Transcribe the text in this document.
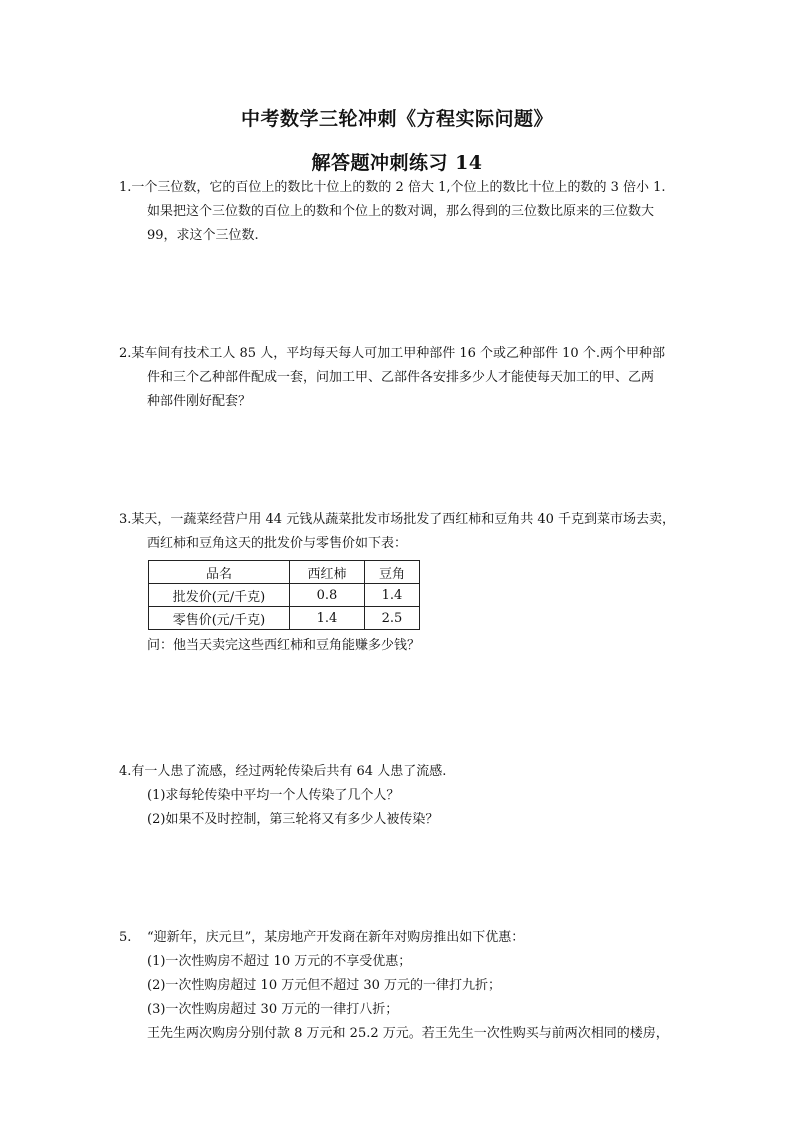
中考数学三轮冲刺《方程实际问题》
解答题冲刺练习 14

1.一个三位数，它的百位上的数比十位上的数的 2 倍大 1,个位上的数比十位上的数的 3 倍小 1.

如果把这个三位数的百位上的数和个位上的数对调，那么得到的三位数比原来的三位数大

99，求这个三位数.

2.某车间有技术工人 85 人，平均每天每人可加工甲种部件 16 个或乙种部件 10 个.两个甲种部

件和三个乙种部件配成一套，问加工甲、乙部件各安排多少人才能使每天加工的甲、乙两

种部件刚好配套？

3.某天，一蔬菜经营户用 44 元钱从蔬菜批发市场批发了西红柿和豆角共 40 千克到菜市场去卖，

西红柿和豆角这天的批发价与零售价如下表：

品名	西红柿	豆角
批发价(元/千克)	0.8	1.4
零售价(元/千克)	1.4	2.5

问：他当天卖完这些西红柿和豆角能赚多少钱？

4.有一人患了流感，经过两轮传染后共有 64 人患了流感.

(1)求每轮传染中平均一个人传染了几个人？

(2)如果不及时控制，第三轮将又有多少人被传染？

5. “迎新年，庆元旦”，某房地产开发商在新年对购房推出如下优惠：

(1)一次性购房不超过 10 万元的不享受优惠；

(2)一次性购房超过 10 万元但不超过 30 万元的一律打九折；

(3)一次性购房超过 30 万元的一律打八折；

王先生两次购房分别付款 8 万元和 25.2 万元。若王先生一次性购买与前两次相同的楼房，
